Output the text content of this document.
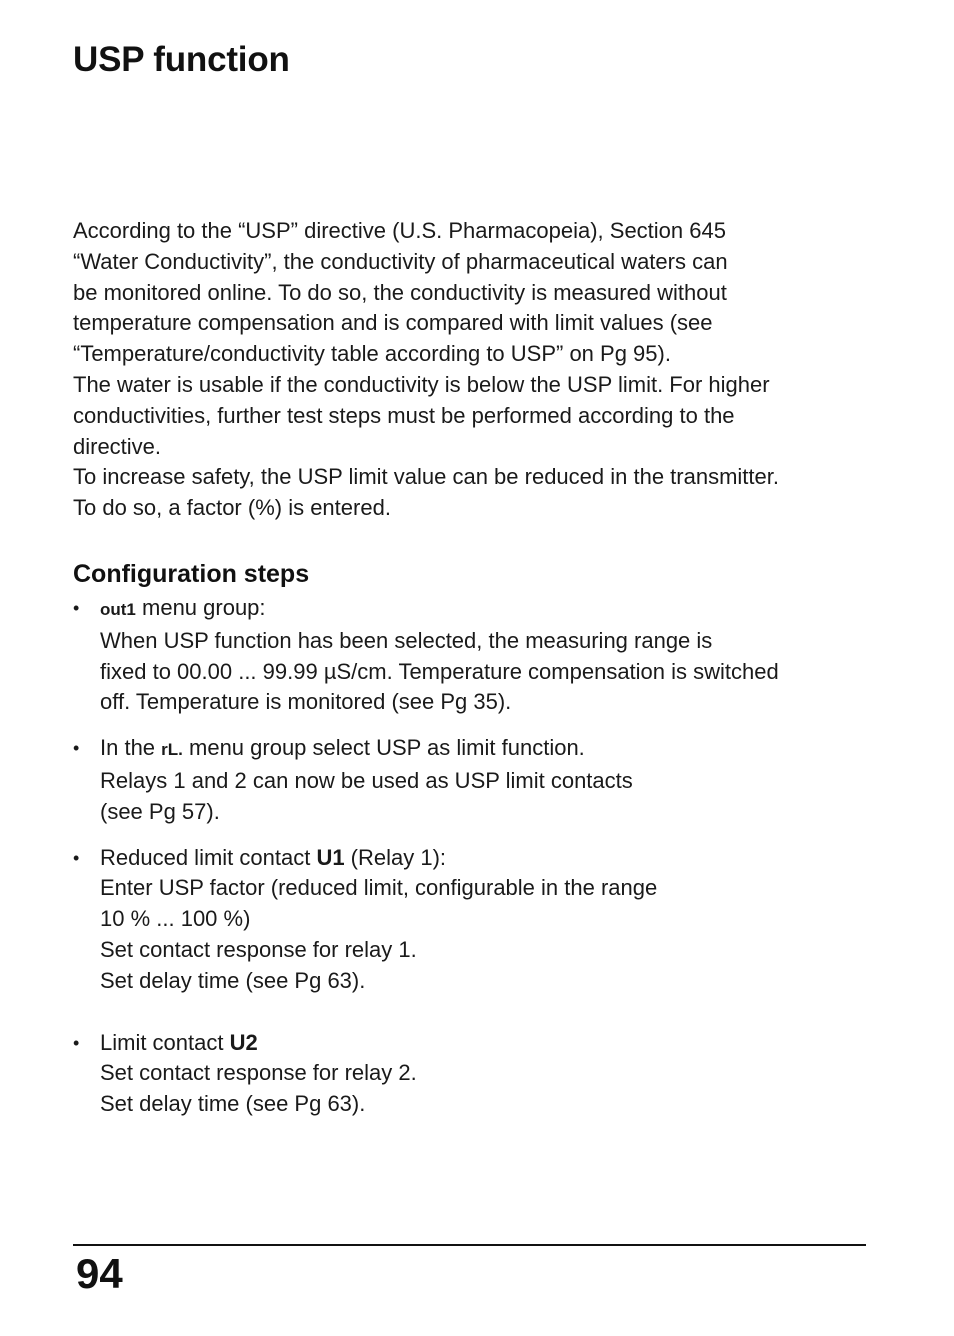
USP function

According to the “USP” directive (U.S. Pharmacopeia), Section 645

“Water Conductivity”, the conductivity of pharmaceutical waters can

be monitored online. To do so, the conductivity is measured without

temperature compensation and is compared with limit values (see

“Temperature/conductivity table according to USP” on Pg 95).

The water is usable if the conductivity is below the USP limit. For higher

conductivities, further test steps must be performed according to the

directive.

To increase safety, the USP limit value can be reduced in the transmitter.

To do so, a factor (%) is entered.

Configuration steps
• out1 menu group:
When USP function has been selected, the measuring range is
fixed to 00.00 ... 99.99 µS/cm. Temperature compensation is switched
off. Temperature is monitored (see Pg 35).
• In the rL. menu group select USP as limit function.
Relays 1 and 2 can now be used as USP limit contacts
(see Pg 57).
• Reduced limit contact U1 (Relay 1):
Enter USP factor (reduced limit, configurable in the range
10 % ... 100 %)
Set contact response for relay 1.
Set delay time (see Pg 63).
• Limit contact U2
Set contact response for relay 2.
Set delay time (see Pg 63).

94
